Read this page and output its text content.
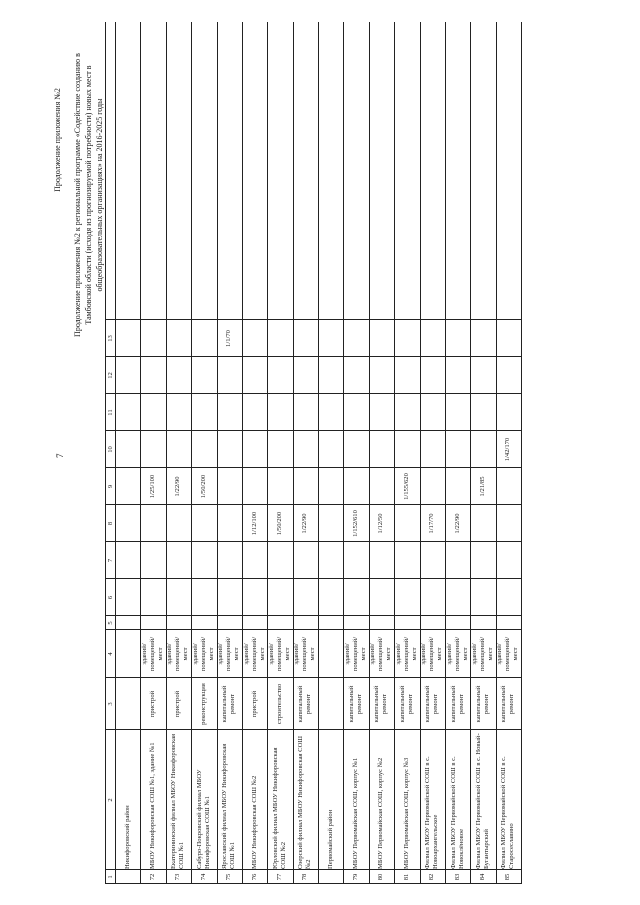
7
Продолжение приложения №2 Продолжение приложения №2 к региональной программе «Содействие созданию в Тамбовской области (исходя из прогнозируемой потребности) новых мест в общеобразовательных организациях» на 2016-2025 годы
1
2
3
4
5
6
7
8
9
10
11
12
13
Никифоровский район
72
МБОУ Никифоровская СОШ №1, здание №1
пристрой
зданий/ помещений/ мест
1/25/100
73
Екатерининский филиал МБОУ Никифоровская СОШ №1
пристрой
зданий/ помещений/ мест
1/22/90
74
Сабуро-Покровский филиал МБОУ Никифоровская СОШ №1
реконструкция
зданий/ помещений/ мест
1/50/200
75
Ярославский филиал МБОУ Никифоровская СОШ №1
капитальный ремонт
зданий/ помещений/ мест
1/1/70
76
МБОУ Никифоровская СОШ №2
пристрой
зданий/ помещений/ мест
1/12/100
77
Юрловский филиал МБОУ Никифоровская СОШ №2
строительство
зданий/ помещений/ мест
1/50/200
78
Озерский филиал МБОУ Никифоровская СОШ №2
капитальный ремонт
зданий/ помещений/ мест
1/22/90
Первомайский район
79
МБОУ Первомайская СОШ, корпус №1
капитальный ремонт
зданий/ помещений/ мест
1/152/610
80
МБОУ Первомайская СОШ, корпус №2
капитальный ремонт
зданий/ помещений/ мест
1/12/50
81
МБОУ Первомайская СОШ, корпус №3
капитальный ремонт
зданий/ помещений/ мест
1/155/620
82
Филиал МБОУ Первомайской СОШ в с. Новоархангельское
капитальный ремонт
зданий/ помещений/ мест
1/17/70
83
Филиал МБОУ Первомайской СОШ в с. Новоклёновое
капитальный ремонт
зданий/ помещений/ мест
1/22/90
84
Филиал МБОУ Первомайской СОШ в с. Новый-Бугантырский
капитальный ремонт
зданий/ помещений/ мест
1/21/85
85
Филиал МБОУ Первомайской СОШ в с. Старосеславино
капитальный ремонт
зданий/ помещений/ мест
1/42/170
